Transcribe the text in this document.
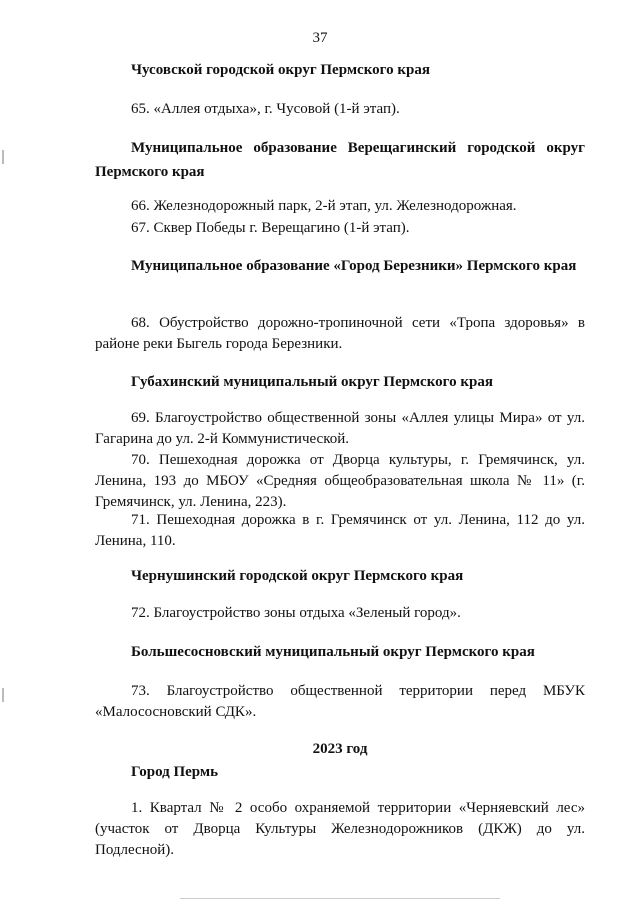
37

Чусовской городской округ Пермского края

65. «Аллея отдыха», г. Чусовой (1-й этап).

Муниципальное образование Верещагинский городской округ Пермского края

66. Железнодорожный парк, 2-й этап, ул. Железнодорожная.

67. Сквер Победы г. Верещагино (1-й этап).

Муниципальное образование «Город Березники» Пермского края

68. Обустройство дорожно-тропиночной сети «Тропа здоровья» в районе реки Быгель города Березники.

Губахинский муниципальный округ Пермского края

69. Благоустройство общественной зоны «Аллея улицы Мира» от ул. Гагарина до ул. 2-й Коммунистической.

70. Пешеходная дорожка от Дворца культуры, г. Гремячинск, ул. Ленина, 193 до МБОУ «Средняя общеобразовательная школа № 11» (г. Гремячинск, ул. Ленина, 223).

71. Пешеходная дорожка в г. Гремячинск от ул. Ленина, 112 до ул. Ленина, 110.

Чернушинский городской округ Пермского края

72. Благоустройство зоны отдыха «Зеленый город».

Большесосновский муниципальный округ Пермского края

73. Благоустройство общественной территории перед МБУК «Малососновский СДК».

2023 год

Город Пермь

1. Квартал № 2 особо охраняемой территории «Черняевский лес» (участок от Дворца Культуры Железнодорожников (ДКЖ) до ул. Подлесной).
